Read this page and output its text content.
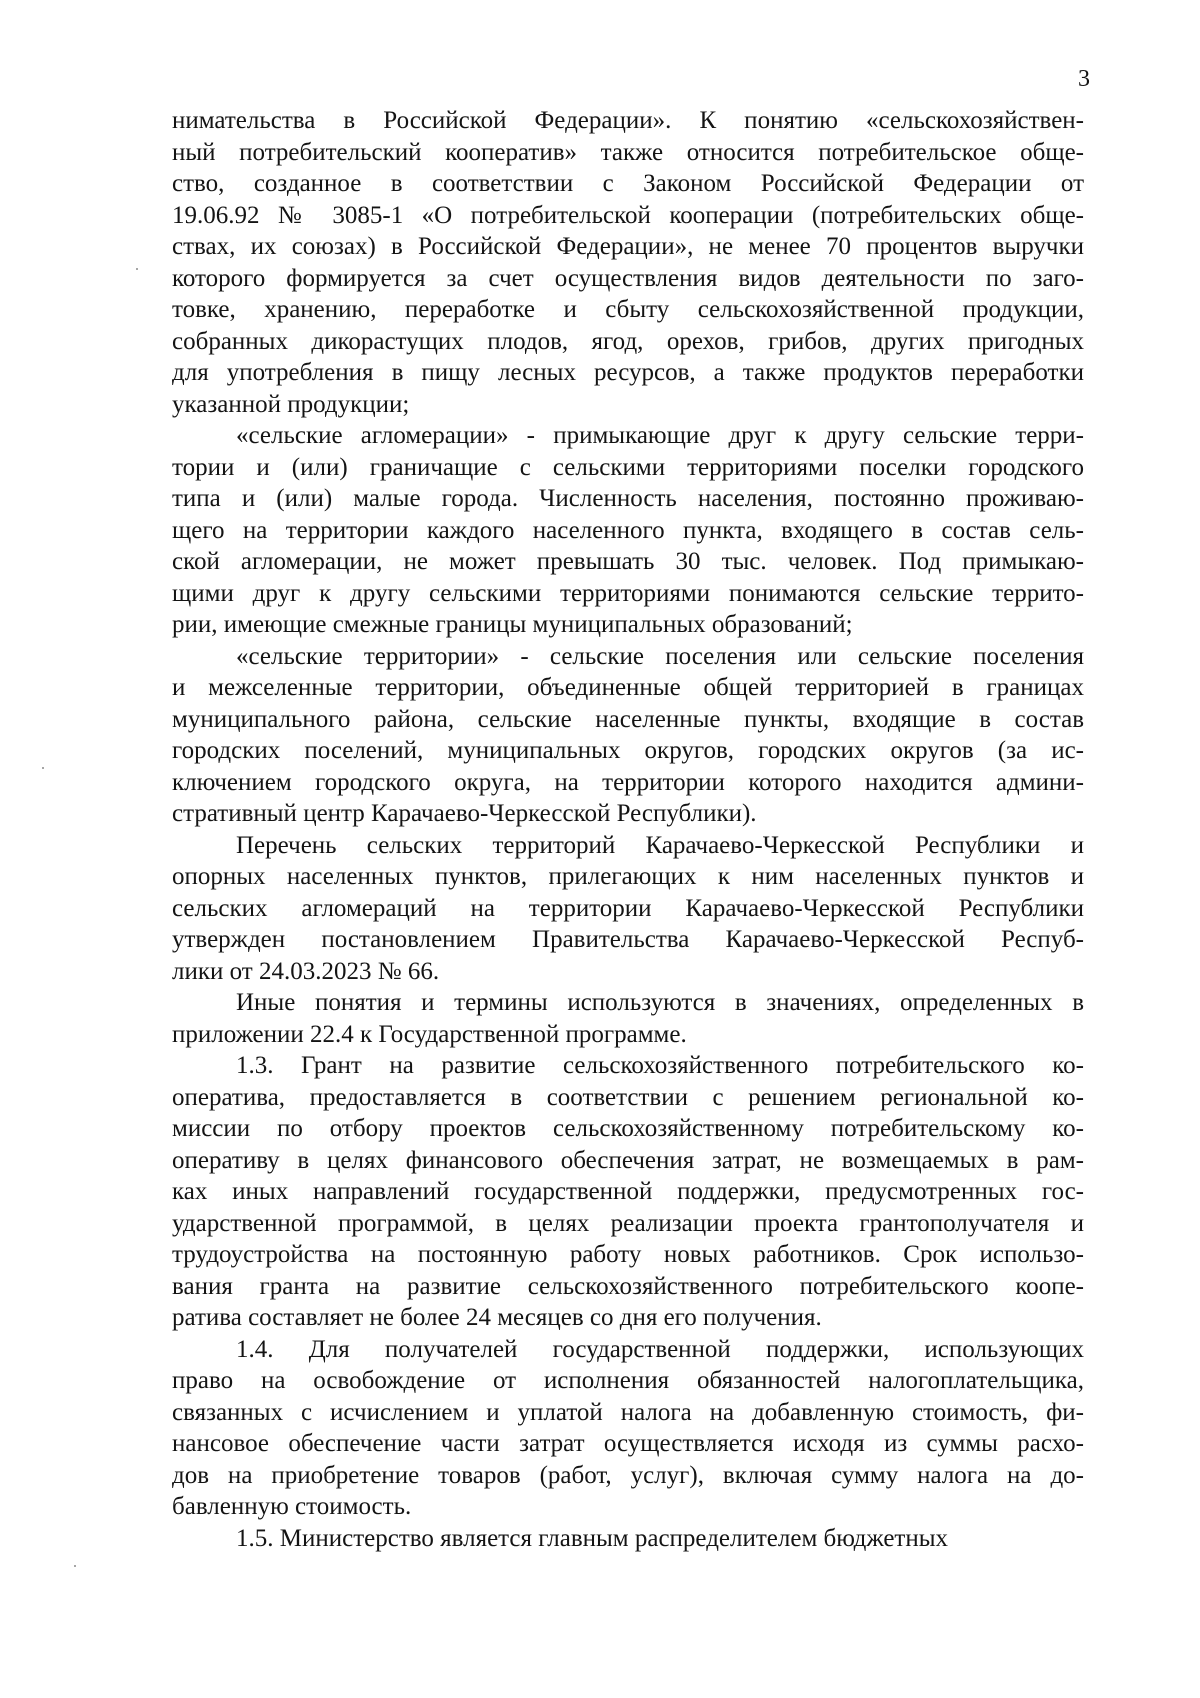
3

нимательства в Российской Федерации». К понятию «сельскохозяйствен-
ный потребительский кооператив» также относится потребительское обще-
ство, созданное в соответствии с Законом Российской Федерации от
19.06.92 № 3085-1 «О потребительской кооперации (потребительских обще-
ствах, их союзах) в Российской Федерации», не менее 70 процентов выручки
которого формируется за счет осуществления видов деятельности по заго-
товке, хранению, переработке и сбыту сельскохозяйственной продукции,
собранных дикорастущих плодов, ягод, орехов, грибов, других пригодных
для употребления в пищу лесных ресурсов, а также продуктов переработки
указанной продукции;

«сельские агломерации» - примыкающие друг к другу сельские терри-
тории и (или) граничащие с сельскими территориями поселки городского
типа и (или) малые города. Численность населения, постоянно проживаю-
щего на территории каждого населенного пункта, входящего в состав сель-
ской агломерации, не может превышать 30 тыс. человек. Под примыкаю-
щими друг к другу сельскими территориями понимаются сельские террито-
рии, имеющие смежные границы муниципальных образований;

«сельские территории» - сельские поселения или сельские поселения
и межселенные территории, объединенные общей территорией в границах
муниципального района, сельские населенные пункты, входящие в состав
городских поселений, муниципальных округов, городских округов (за ис-
ключением городского округа, на территории которого находится админи-
стративный центр Карачаево-Черкесской Республики).

Перечень сельских территорий Карачаево-Черкесской Республики и
опорных населенных пунктов, прилегающих к ним населенных пунктов и
сельских агломераций на территории Карачаево-Черкесской Республики
утвержден постановлением Правительства Карачаево-Черкесской Респуб-
лики от 24.03.2023 № 66.

Иные понятия и термины используются в значениях, определенных в
приложении 22.4 к Государственной программе.

1.3. Грант на развитие сельскохозяйственного потребительского ко-
оператива, предоставляется в соответствии с решением региональной ко-
миссии по отбору проектов сельскохозяйственному потребительскому ко-
оперативу в целях финансового обеспечения затрат, не возмещаемых в рам-
ках иных направлений государственной поддержки, предусмотренных гос-
ударственной программой, в целях реализации проекта грантополучателя и
трудоустройства на постоянную работу новых работников. Срок использо-
вания гранта на развитие сельскохозяйственного потребительского коопе-
ратива составляет не более 24 месяцев со дня его получения.

1.4. Для получателей государственной поддержки, использующих
право на освобождение от исполнения обязанностей налогоплательщика,
связанных с исчислением и уплатой налога на добавленную стоимость, фи-
нансовое обеспечение части затрат осуществляется исходя из суммы расхо-
дов на приобретение товаров (работ, услуг), включая сумму налога на до-
бавленную стоимость.

1.5. Министерство является главным распределителем бюджетных
